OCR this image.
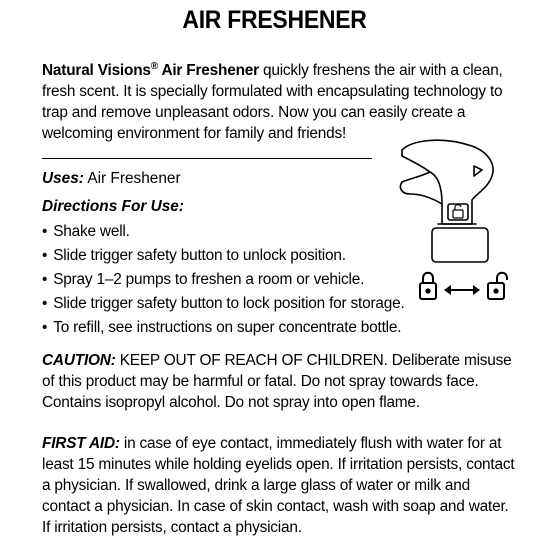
AIR FRESHENER
Natural Visions® Air Freshener quickly freshens the air with a clean, fresh scent. It is specially formulated with encapsulating technology to trap and remove unpleasant odors. Now you can easily create a welcoming environment for family and friends!
Uses: Air Freshener
Directions For Use:
• Shake well.
• Slide trigger safety button to unlock position.
• Spray 1–2 pumps to freshen a room or vehicle.
• Slide trigger safety button to lock position for storage.
• To refill, see instructions on super concentrate bottle.
CAUTION: KEEP OUT OF REACH OF CHILDREN. Deliberate misuse of this product may be harmful or fatal. Do not spray towards face. Contains isopropyl alcohol. Do not spray into open flame.
FIRST AID: in case of eye contact, immediately flush with water for at least 15 minutes while holding eyelids open. If irritation persists, contact a physician. If swallowed, drink a large glass of water or milk and contact a physician. In case of skin contact, wash with soap and water. If irritation persists, contact a physician.
